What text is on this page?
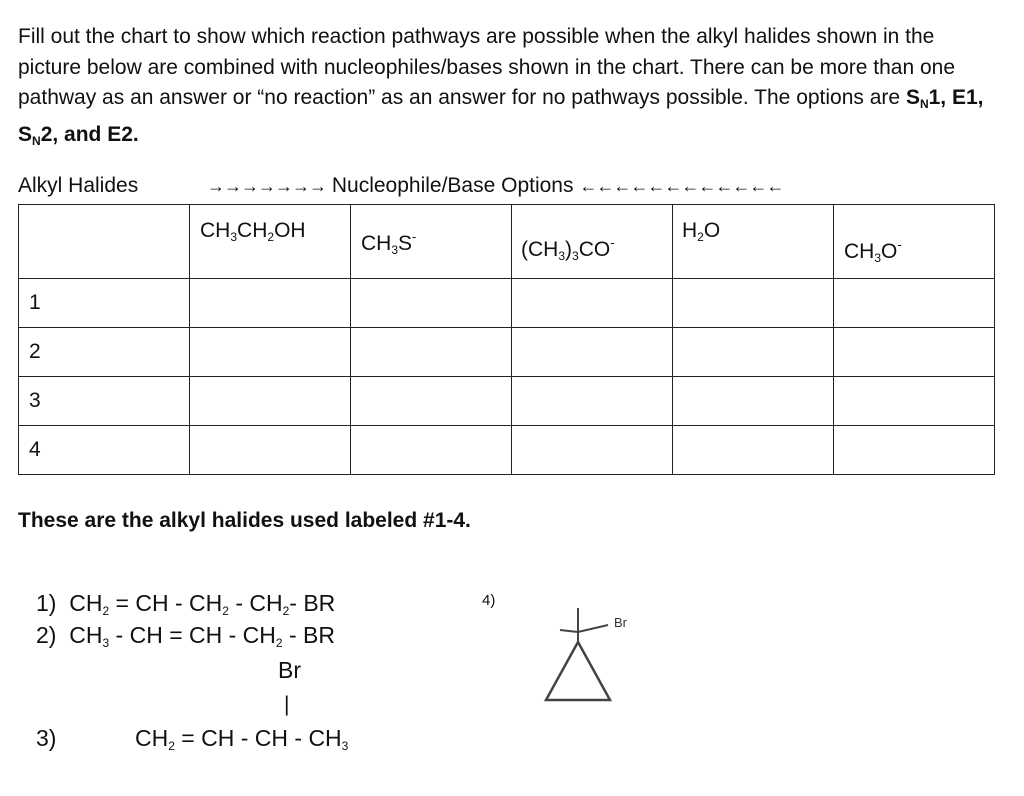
Fill out the chart to show which reaction pathways are possible when the alkyl halides shown in the picture below are combined with nucleophiles/bases shown in the chart. There can be more than one pathway as an answer or “no reaction” as an answer for no pathways possible. The options are $S_N1$, E1, $S_N2$, and E2.
Alkyl Halides	→→→→→→→ Nucleophile/Base Options ←←←←←←←←←←←←

	$CH_3CH_2OH$	$CH_3S^-$	$(CH_3)_3CO^-$	$H_2O$	$CH_3O^-$

1					
2					
3					
4					
These are the alkyl halides used labeled #1-4.
1) $CH_2$ = CH - $CH_2 - CH_2-$ BR
2) $CH_3$ - CH = CH - $CH_2$ - BR
Br
|
3)	$CH_2$ = CH - CH - $CH_3$
4)
Br
